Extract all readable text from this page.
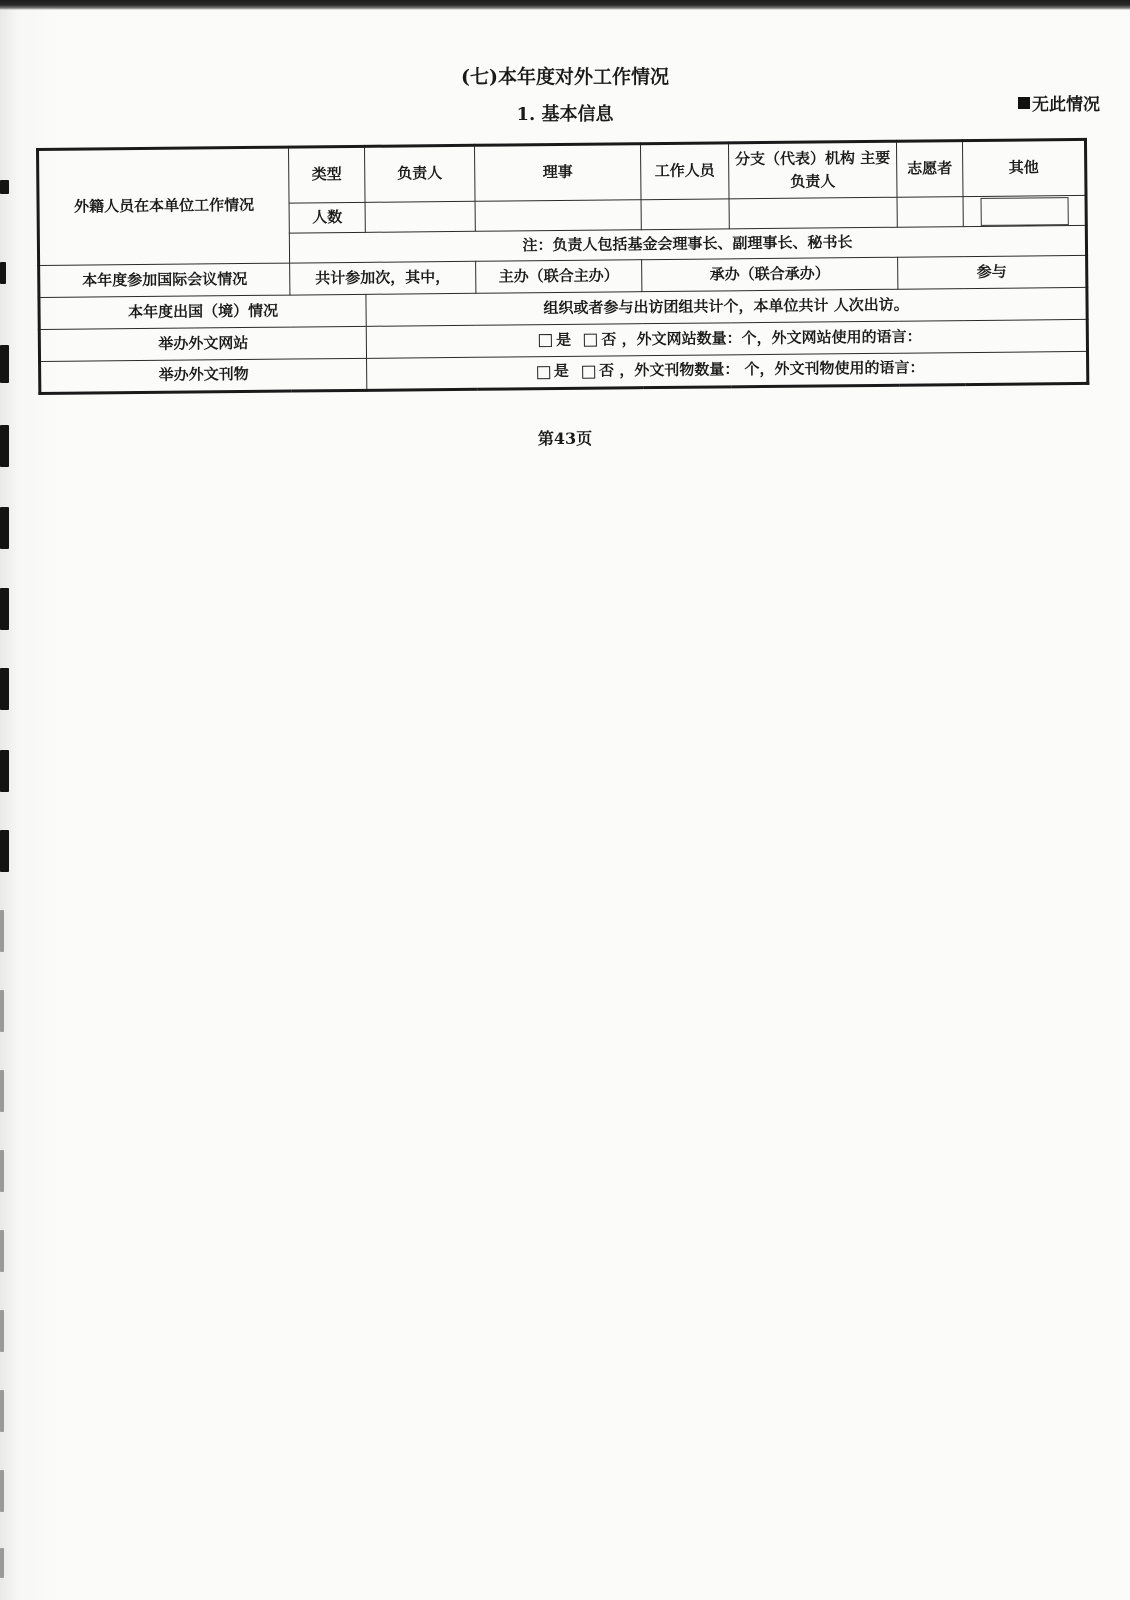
(七)本年度对外工作情况
1. 基本信息	无此情况
外籍人员在本单位工作情况	类型	负责人	理事	工作人员	分支（代表）机构 主要负责人	志愿者	其他
	人数						
	注：负责人包括基金会理事长、副理事长、秘书长						
本年度参加国际会议情况	共计参加次，其中，		主办（联合主办）	承办（联合承办）		参与	
本年度出国（境）情况		组织或者参与出访团组共计个，本单位共计 人次出访。					
举办外文网站		是 否 ，外文网站数量：个，外文网站使用的语言：					
举办外文刊物		是 否 ，外文刊物数量： 个，外文刊物使用的语言：					
第43页
